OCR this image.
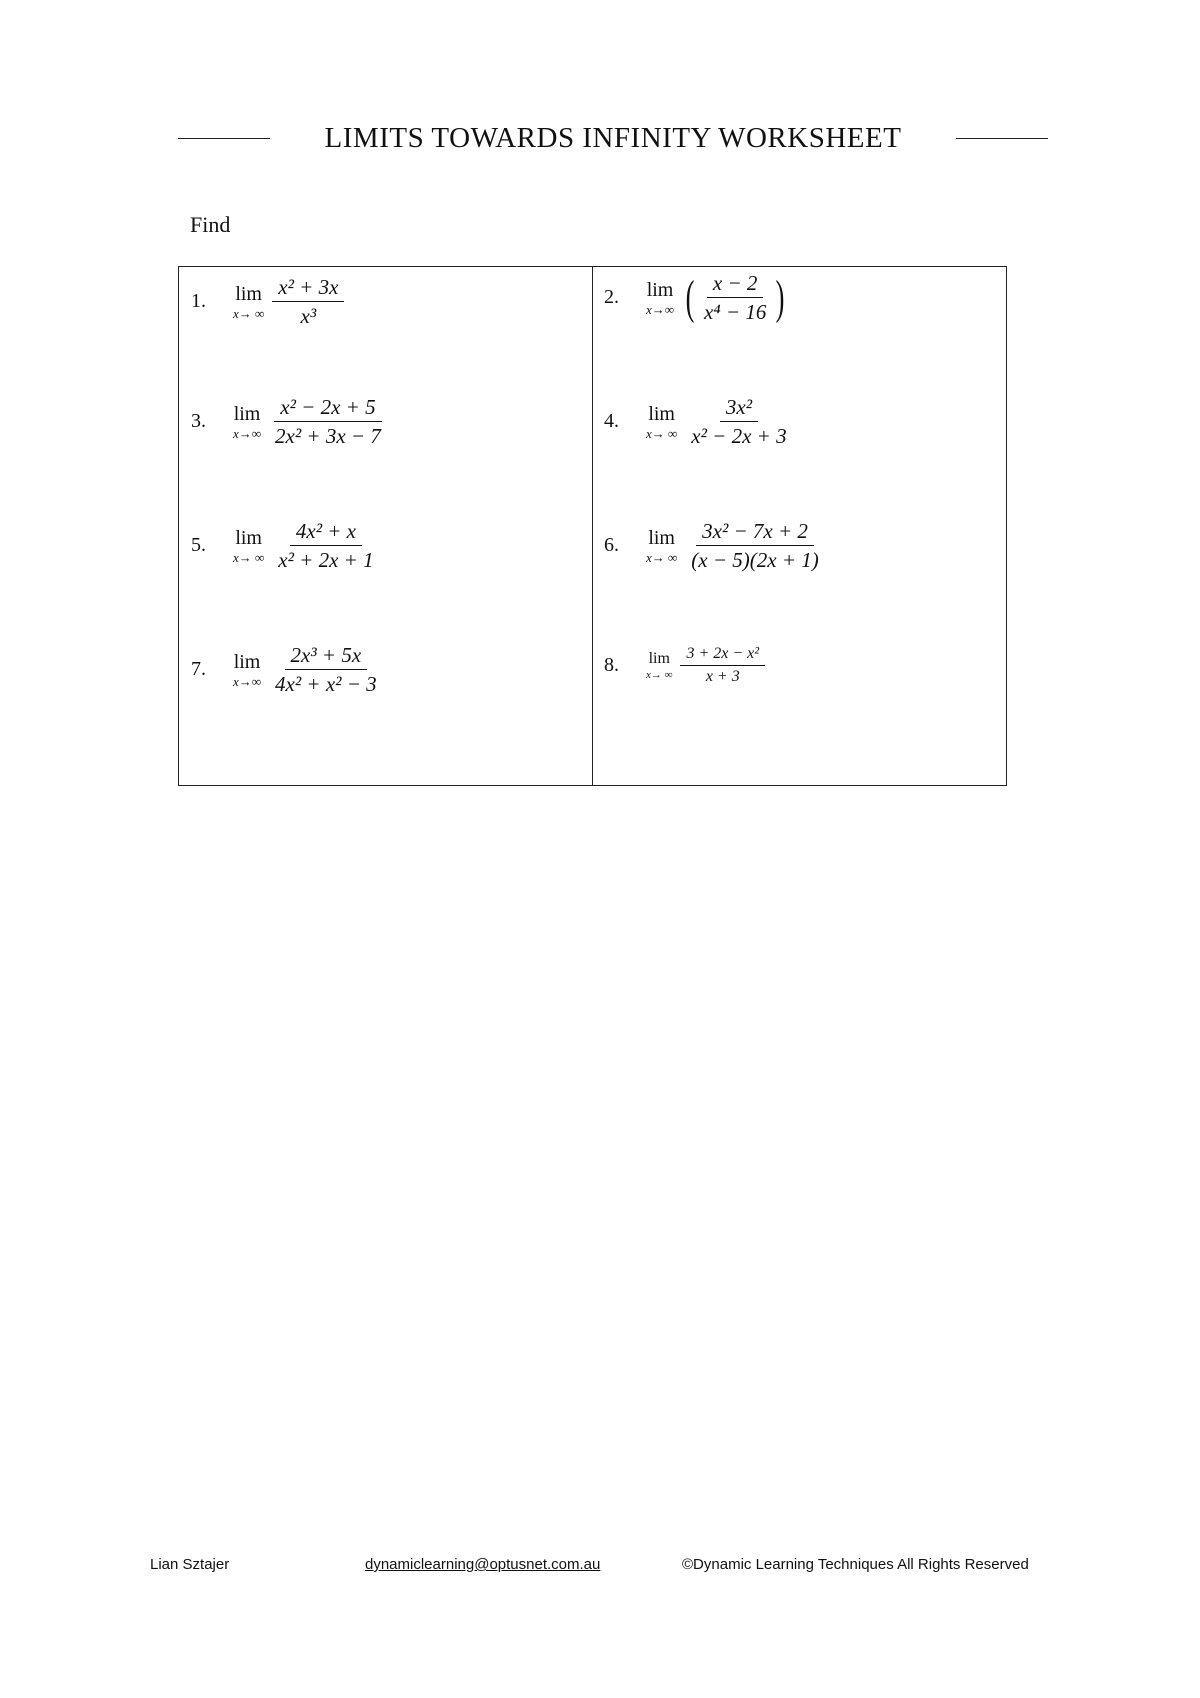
LIMITS TOWARDS INFINITY WORKSHEET
Find
1.	lim
x→ ∞ $\frac{\text{x² + 3x}}{\text{x³}}$	2.	lim
x→∞ ( $\frac{x - 2}{\text{x⁴ − 16}}$ )
3.	lim
$x\to\infty \frac{\text{x² − 2x + 5}}{\text{2x² + 3x − 7}}$	4.	lim
x→ ∞ $\frac{\text{3x²}}{\text{x² − 2x + 3}}$
5.	lim
x→ ∞ $\frac{\text{4x² + x}}{\text{x² + 2x + 1}}$	6.	lim
x→ ∞ $\frac{\text{3x² − 7x + 2}}{(x - 5)(2x + 1)}$
7.	lim
$x\to\infty \frac{\text{2x³ + 5x}}{\text{4x² + x² − 3}}$	8.	lim
x→ ∞ $\frac{\text{3 + 2x − x²}}{x + 3}$
Lian Sztajer	dynamiclearning@optusnet.com.au	©Dynamic Learning Techniques All Rights Reserved
